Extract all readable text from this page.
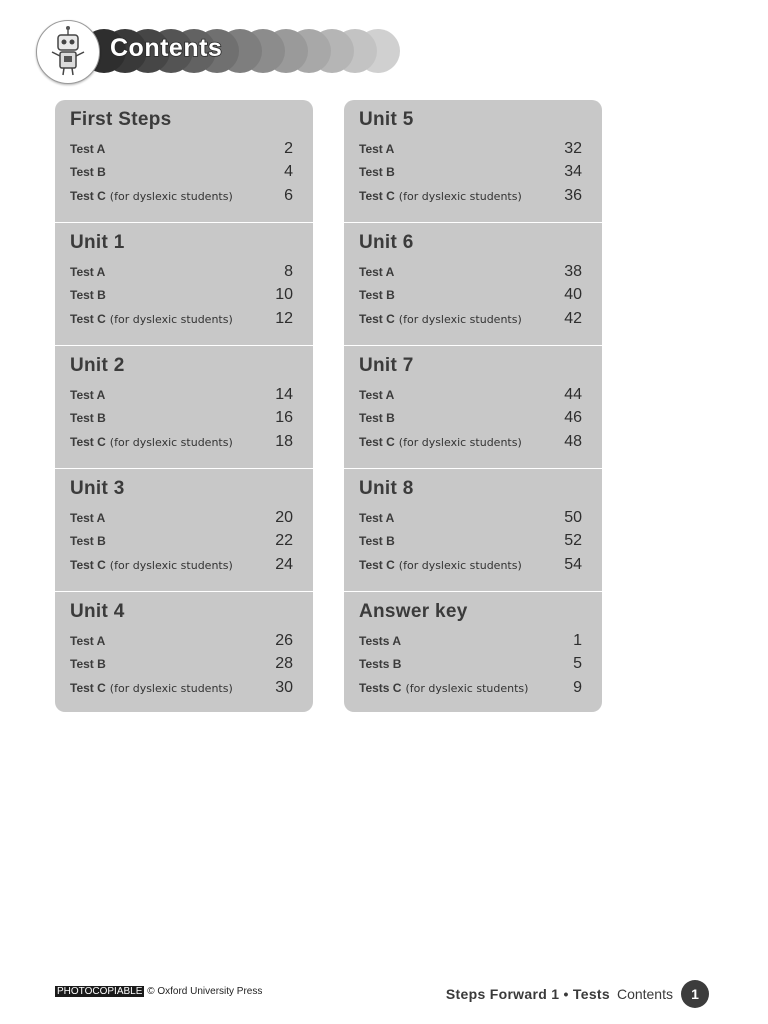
Contents
First Steps
Test A	2
Test B	4
Test C (for dyslexic students)	6
Unit 1
Test A	8
Test B	10
Test C (for dyslexic students)	12
Unit 2
Test A	14
Test B	16
Test C (for dyslexic students)	18
Unit 3
Test A	20
Test B	22
Test C (for dyslexic students)	24
Unit 4
Test A	26
Test B	28
Test C (for dyslexic students)	30
Unit 5
Test A	32
Test B	34
Test C (for dyslexic students)	36
Unit 6
Test A	38
Test B	40
Test C (for dyslexic students)	42
Unit 7
Test A	44
Test B	46
Test C (for dyslexic students)	48
Unit 8
Test A	50
Test B	52
Test C (for dyslexic students)	54
Answer key
Tests A	1
Tests B	5
Tests C (for dyslexic students)	9
PHOTOCOPIABLE © Oxford University Press	Steps Forward 1 • Tests Contents	1
